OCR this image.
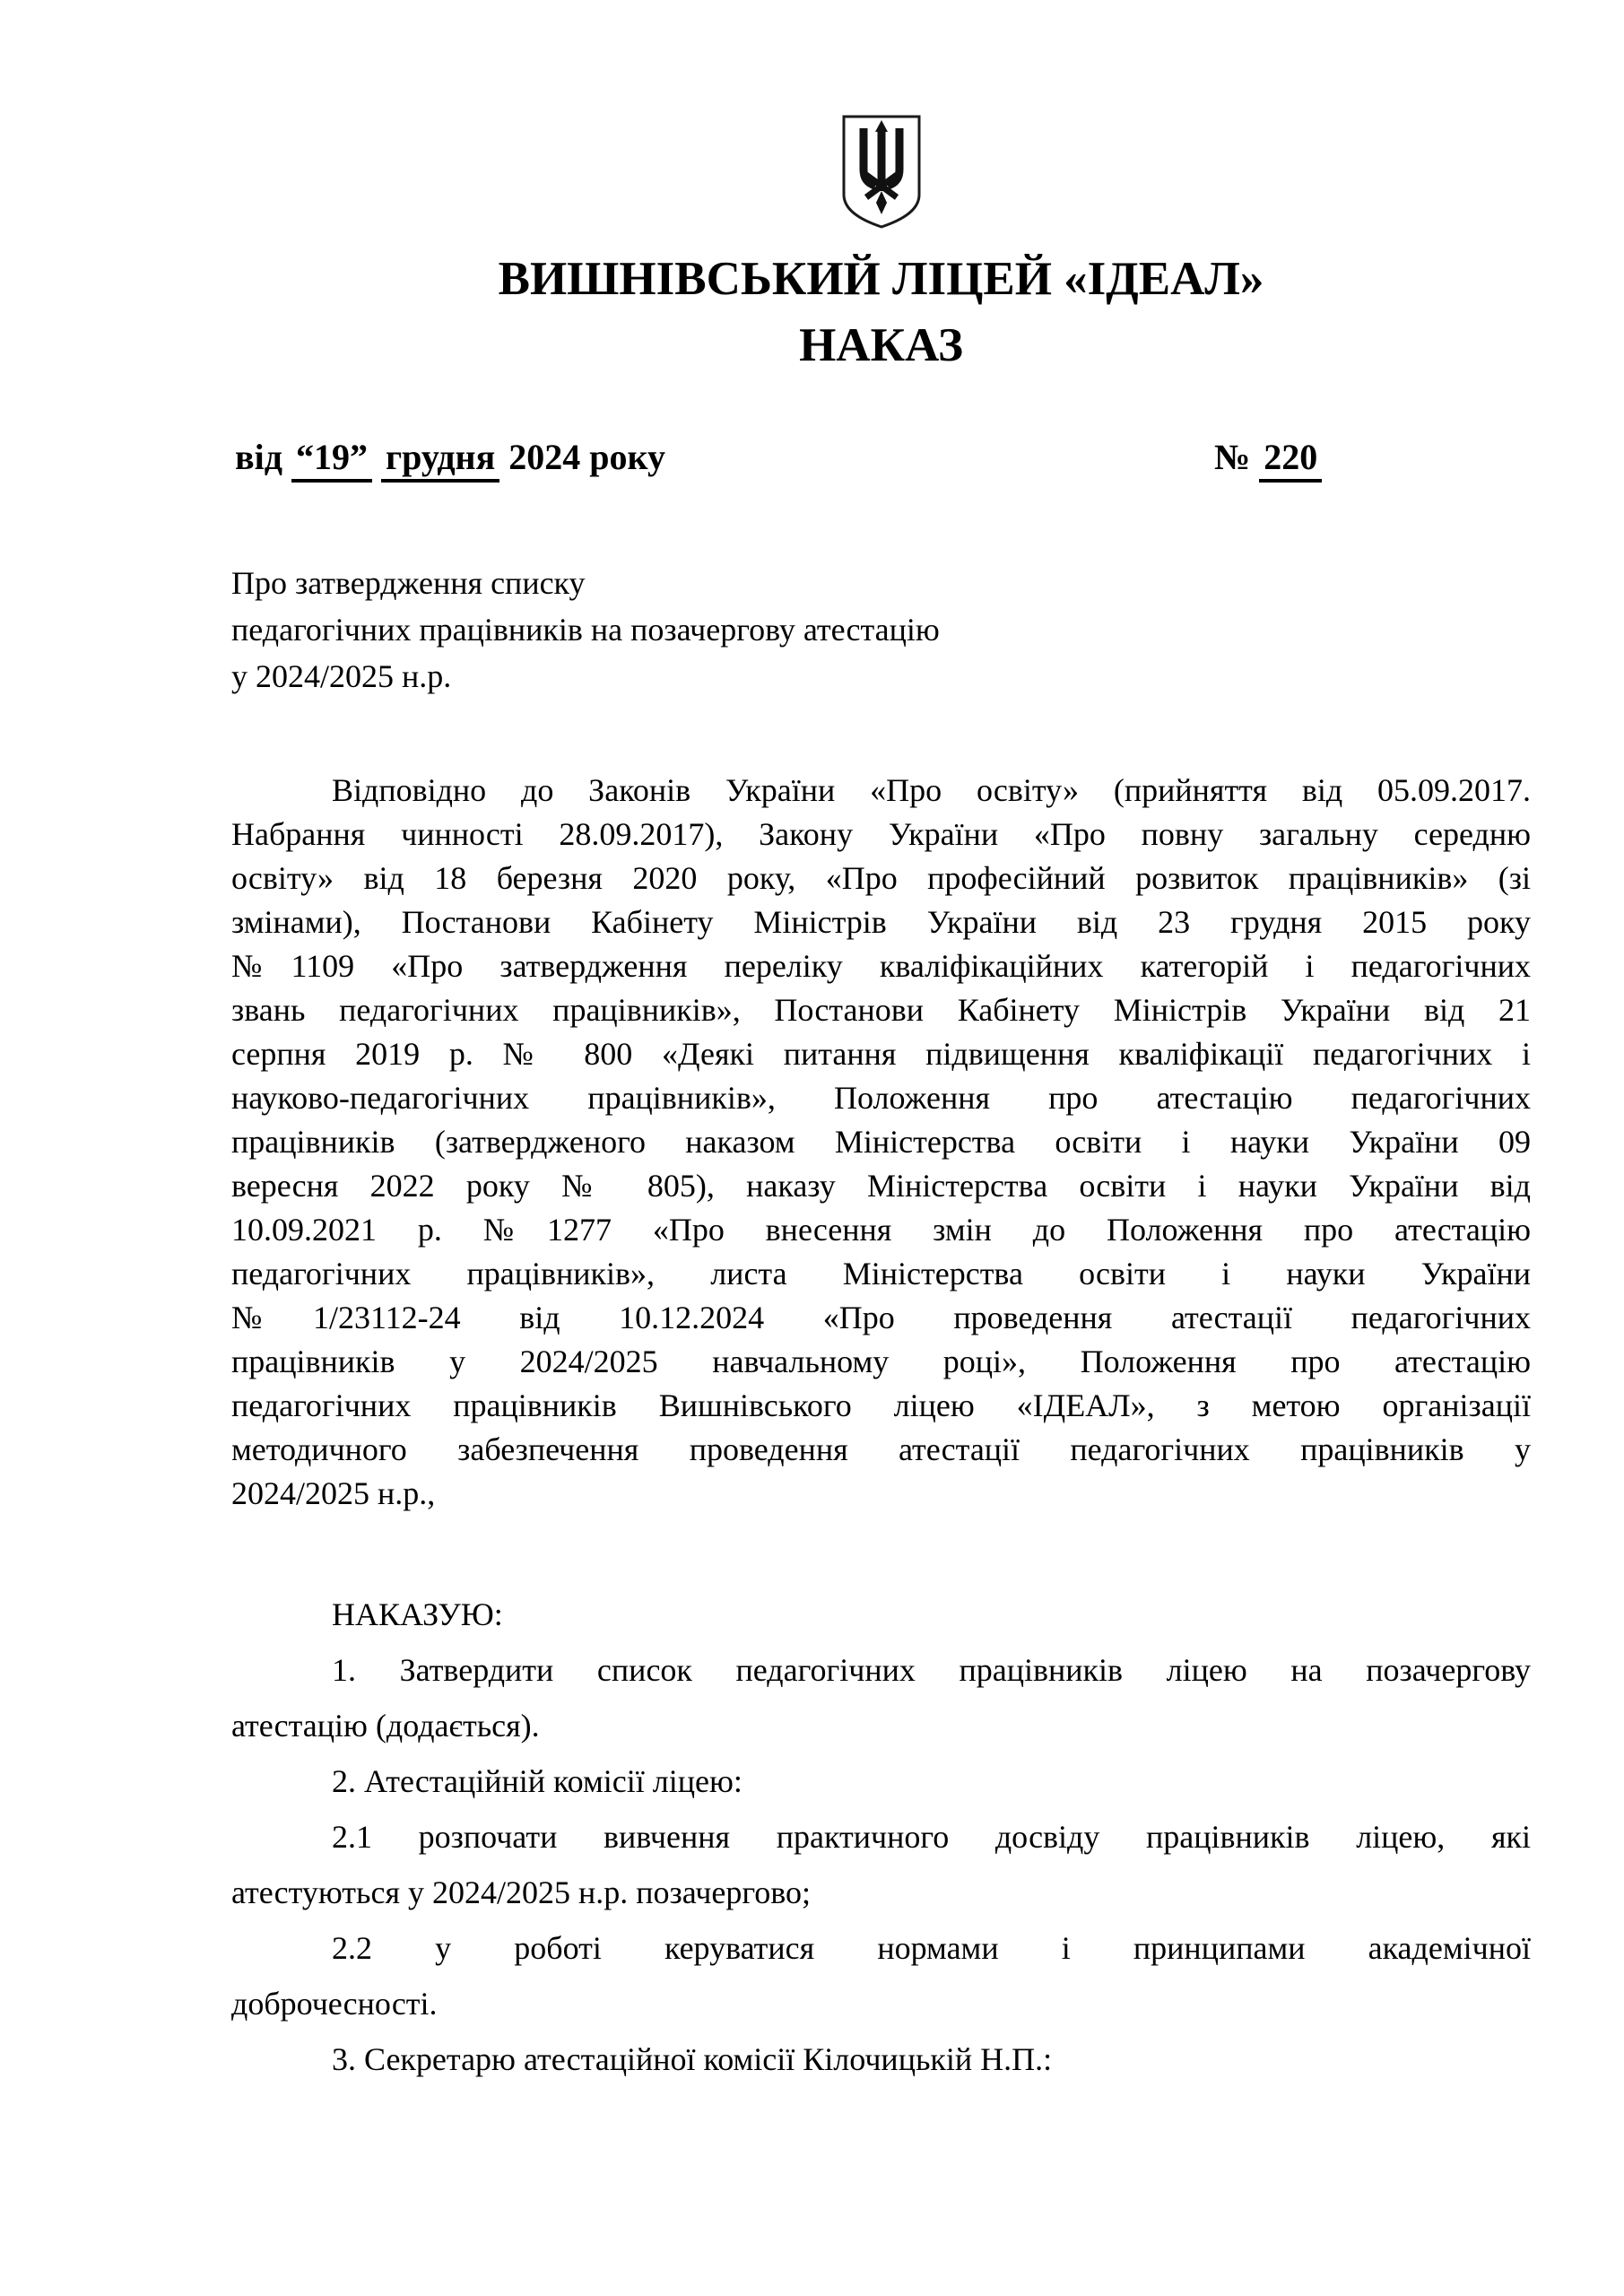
ВИШНІВСЬКИЙ ЛІЦЕЙ «ІДЕАЛ»
НАКАЗ
від “19” грудня 2024 року	№ 220
Про затвердження списку
педагогічних працівників на позачергову атестацію
у 2024/2025 н.р.
Відповідно до Законів України «Про освіту» (прийняття від 05.09.2017.
Набрання чинності 28.09.2017), Закону України «Про повну загальну середню
освіту» від 18 березня 2020 року, «Про професійний розвиток працівників» (зі
змінами), Постанови Кабінету Міністрів України від 23 грудня 2015 року
№1109 «Про затвердження переліку кваліфікаційних категорій і педагогічних
звань педагогічних працівників», Постанови Кабінету Міністрів України від 21
серпня 2019 р. № 800 «Деякі питання підвищення кваліфікації педагогічних і
науково-педагогічних працівників», Положення про атестацію педагогічних
працівників (затвердженого наказом Міністерства освіти і науки України 09
вересня 2022 року № 805), наказу Міністерства освіти і науки України від
10.09.2021 р. №1277 «Про внесення змін до Положення про атестацію
педагогічних працівників», листа Міністерства освіти і науки України
№1/23112-24 від 10.12.2024 «Про проведення атестації педагогічних
працівників у 2024/2025 навчальному році», Положення про атестацію
педагогічних працівників Вишнівського ліцею «ІДЕАЛ», з метою організації
методичного забезпечення проведення атестації педагогічних працівників у
2024/2025 н.р.,
НАКАЗУЮ:
1. Затвердити список педагогічних працівників ліцею на позачергову
атестацію (додається).
2. Атестаційній комісії ліцею:
2.1 розпочати вивчення практичного досвіду працівників ліцею, які
атестуються у 2024/2025 н.р. позачергово;
2.2 у роботі керуватися нормами і принципами академічної
доброчесності.
3. Секретарю атестаційної комісії Кілочицькій Н.П.:
